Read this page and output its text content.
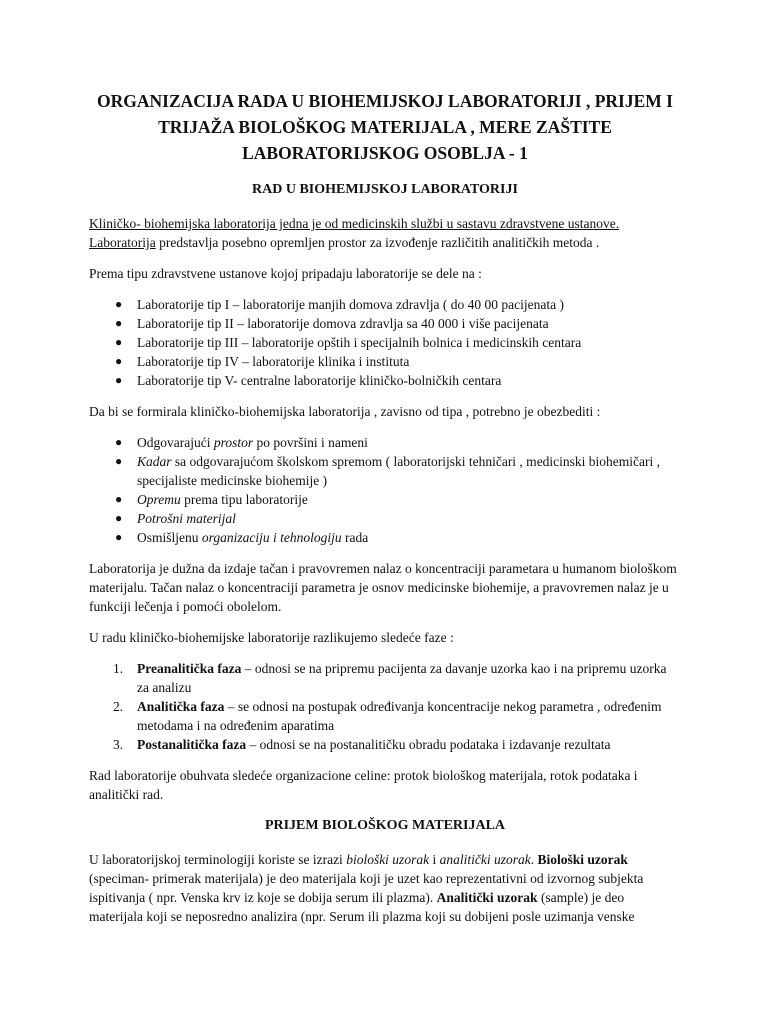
ORGANIZACIJA RADA U BIOHEMIJSKOJ LABORATORIJI , PRIJEM I TRIJAŽA BIOLOŠKOG MATERIJALA , MERE ZAŠTITE LABORATORIJSKOG OSOBLJA - 1
RAD U BIOHEMIJSKOJ LABORATORIJI
Kliničko- biohemijska laboratorija jedna je od medicinskih službi u sastavu zdravstvene ustanove.
Laboratorija predstavlja posebno opremljen prostor za izvođenje različitih analitičkih metoda .
Prema tipu zdravstvene ustanove kojoj pripadaju laboratorije se dele na :
● Laboratorije tip I – laboratorije manjih domova zdravlja ( do 40 00 pacijenata )
● Laboratorije tip II – laboratorije domova zdravlja sa 40 000 i više pacijenata
● Laboratorije tip III – laboratorije opštih i specijalnih bolnica i medicinskih centara
● Laboratorije tip IV – laboratorije klinika i instituta
● Laboratorije tip V- centralne laboratorije kliničko-bolničkih centara
Da bi se formirala kliničko-biohemijska laboratorija , zavisno od tipa , potrebno je obezbediti :
● Odgovarajući prostor po površini i nameni
● Kadar sa odgovarajućom školskom spremom ( laboratorijski tehničari , medicinski biohemičari , specijaliste medicinske biohemije )
● Opremu prema tipu laboratorije
● Potrošni materijal
● Osmišljenu organizaciju i tehnologiju rada
Laboratorija je dužna da izdaje tačan i pravovremen nalaz o koncentraciji parametara u humanom biološkom materijalu. Tačan nalaz o koncentraciji parametra je osnov medicinske biohemije, a pravovremen nalaz je u funkciji lečenja i pomoći obolelom.
U radu kliničko-biohemijske laboratorije razlikujemo sledeće faze :
1. Preanalitička faza – odnosi se na pripremu pacijenta za davanje uzorka kao i na pripremu uzorka za analizu
2. Analitička faza – se odnosi na postupak određivanja koncentracije nekog parametra , određenim metodama i na određenim aparatima
3. Postanalitička faza – odnosi se na postanalitičku obradu podataka i izdavanje rezultata
Rad laboratorije obuhvata sledeće organizacione celine: protok biološkog materijala, rotok podataka i analitički rad.
PRIJEM BIOLOŠKOG MATERIJALA
U laboratorijskoj terminologiji koriste se izrazi biološki uzorak i analitički uzorak. Biološki uzorak (speciman- primerak materijala) je deo materijala koji je uzet kao reprezentativni od izvornog subjekta ispitivanja ( npr. Venska krv iz koje se dobija serum ili plazma). Analitički uzorak (sample) je deo materijala koji se neposredno analizira (npr. Serum ili plazma koji su dobijeni posle uzimanja venske
